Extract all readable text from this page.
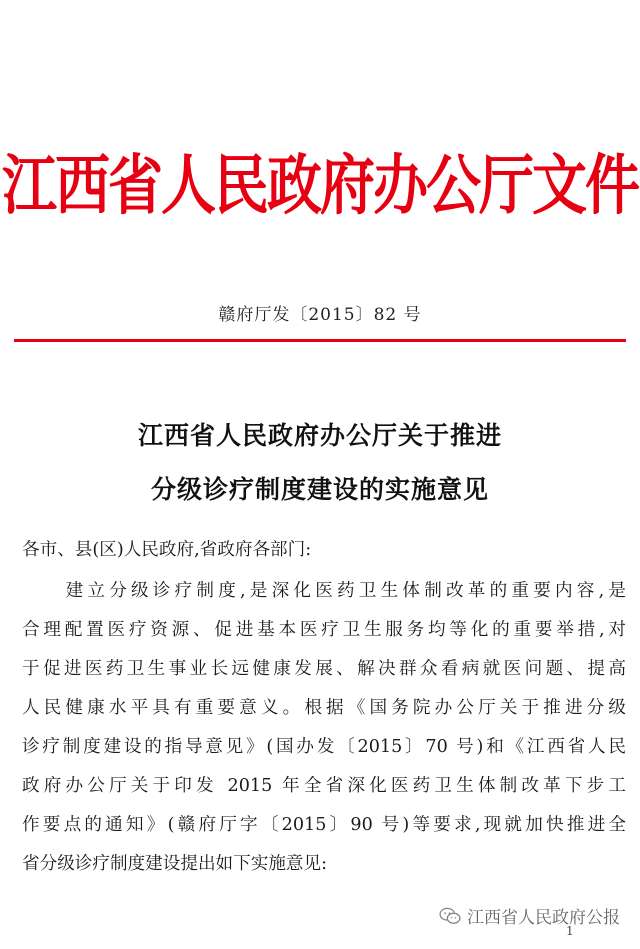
江西省人民政府办公厅文件
赣府厅发〔2015〕82 号
江西省人民政府办公厅关于推进
分级诊疗制度建设的实施意见
各市、县(区)人民政府,省政府各部门:
　　建立分级诊疗制度,是深化医药卫生体制改革的重要内容,是
合理配置医疗资源、促进基本医疗卫生服务均等化的重要举措,对
于促进医药卫生事业长远健康发展、解决群众看病就医问题、提高
人民健康水平具有重要意义。根据《国务院办公厅关于推进分级
诊疗制度建设的指导意见》(国办发〔2015〕70 号)和《江西省人民
政府办公厅关于印发 2015 年全省深化医药卫生体制改革下步工
作要点的通知》(赣府厅字〔2015〕90 号)等要求,现就加快推进全
省分级诊疗制度建设提出如下实施意见:
江西省人民政府公报
1
